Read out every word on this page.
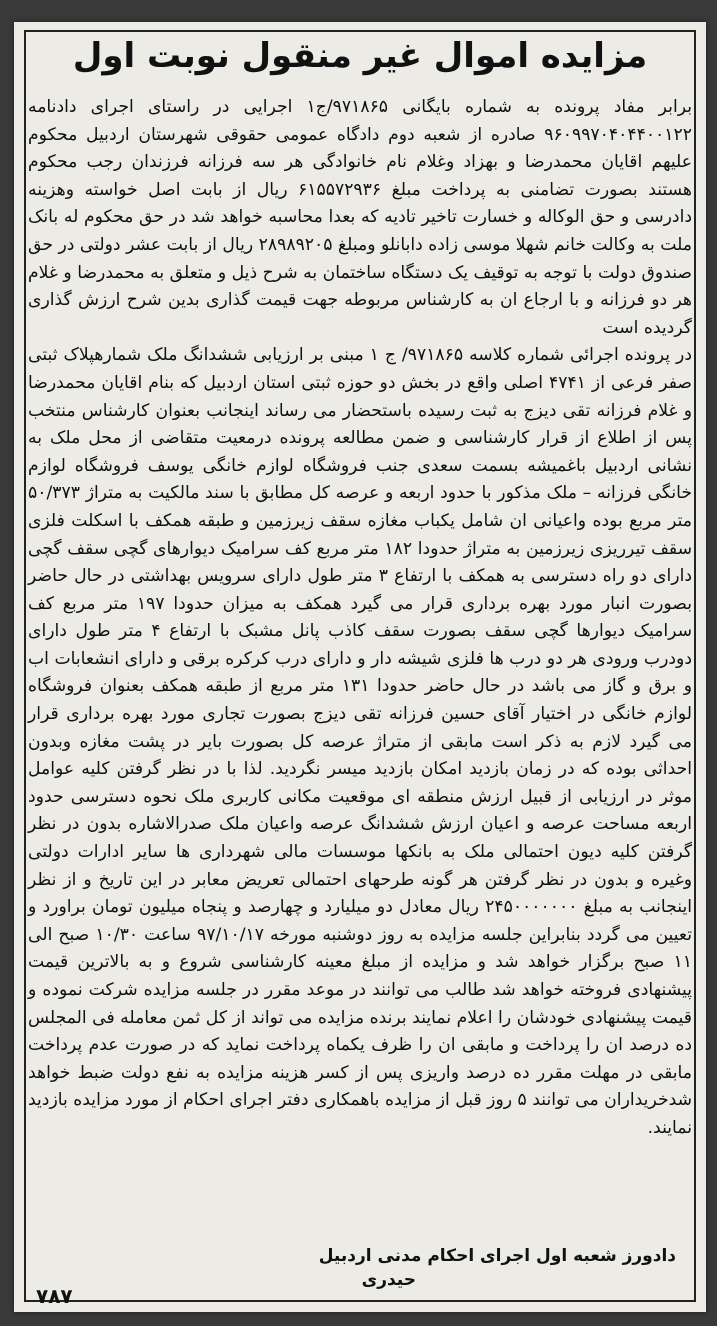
مزایده اموال غیر منقول نوبت اول

برابر مفاد پرونده به شماره بایگانی ۹۷۱۸۶۵/ج۱ اجرایی در راستای اجرای دادنامه ۹۶۰۹۹۷۰۴۰۴۴۰۰۱۲۲ صادره از شعبه دوم دادگاه عمومی حقوقی شهرستان اردبیل محکوم علیهم اقایان محمدرضا و بهزاد وغلام نام خانوادگی هر سه فرزانه فرزندان رجب محکوم هستند بصورت تضامنی به پرداخت مبلغ ۶۱۵۵۷۲۹۳۶ ریال از بابت اصل خواسته وهزینه دادرسی و حق الوکاله و خسارت تاخیر تادیه که بعدا محاسبه خواهد شد در حق محکوم له بانک ملت به وکالت خانم شهلا موسی زاده دابانلو ومبلغ ۲۸۹۸۹۲۰۵ ریال از بابت عشر دولتی در حق صندوق دولت با توجه به توقیف یک دستگاه ساختمان به شرح ذیل و متعلق به محمدرضا و غلام هر دو فرزانه و با ارجاع ان به کارشناس مربوطه جهت قیمت گذاری بدین شرح ارزش گذاری گردیده است

در پرونده اجرائی شماره کلاسه ۹۷۱۸۶۵/ ج ۱ مبنی بر ارزیابی ششدانگ ملک شمارهپلاک ثبتی صفر فرعی از ۴۷۴۱ اصلی واقع در بخش دو حوزه ثبتی استان اردبیل که بنام اقایان محمدرضا و غلام فرزانه تقی دیزج به ثبت رسیده باستحضار می رساند اینجانب بعنوان کارشناس منتخب پس از اطلاع از قرار کارشناسی و ضمن مطالعه پرونده درمعیت متقاضی از محل ملک به نشانی اردبیل باغمیشه بسمت سعدی جنب فروشگاه لوازم خانگی یوسف فروشگاه لوازم خانگی فرزانه – ملک مذکور با حدود اربعه و عرصه کل مطابق با سند مالکیت به متراژ ۵۰/۳۷۳ متر مربع بوده واعیانی ان شامل یکباب مغازه سقف زیرزمین و طبقه همکف با اسکلت فلزی سقف تیرریزی زیرزمین به متراژ حدودا ۱۸۲ متر مربع کف سرامیک دیوارهای گچی سقف گچی دارای دو راه دسترسی به همکف با ارتفاع ۳ متر طول دارای سرویس بهداشتی در حال حاضر بصورت انبار مورد بهره برداری قرار می گیرد همکف به میزان حدودا ۱۹۷ متر مربع کف سرامیک دیوارها گچی سقف بصورت سقف کاذب پانل مشبک با ارتفاع ۴ متر طول دارای دودرب ورودی هر دو درب ها فلزی شیشه دار و دارای درب کرکره برقی و دارای انشعابات اب و برق و گاز می باشد در حال حاضر حدودا ۱۳۱ متر مربع از طبقه همکف بعنوان فروشگاه لوازم خانگی در اختیار آقای حسین فرزانه تقی دیزج بصورت تجاری مورد بهره برداری قرار می گیرد لازم به ذکر است مابقی از متراژ عرصه کل بصورت بایر در پشت مغازه وبدون احداثی بوده که در زمان بازدید امکان بازدید میسر نگردید. لذا با در نظر گرفتن کلیه عوامل موثر در ارزیابی از قبیل ارزش منطقه ای موقعیت مکانی کاربری ملک نحوه دسترسی حدود اربعه مساحت عرصه و اعیان ارزش ششدانگ عرصه واعیان ملک صدرالاشاره بدون در نظر گرفتن کلیه دیون احتمالی ملک به بانکها موسسات مالی شهرداری ها سایر ادارات دولتی وغیره و بدون در نظر گرفتن هر گونه طرحهای احتمالی تعریض معابر در این تاریخ و از نظر اینجانب به مبلغ ۲۴۵۰۰۰۰۰۰۰ ریال معادل دو میلیارد و چهارصد و پنجاه میلیون تومان براورد و تعیین می گردد بنابراین جلسه مزایده به روز دوشنبه مورخه ۹۷/۱۰/۱۷ ساعت ۱۰/۳۰ صبح الی ۱۱ صبح برگزار خواهد شد و مزایده از مبلغ معینه کارشناسی شروع و به بالاترین قیمت پیشنهادی فروخته خواهد شد طالب می توانند در موعد مقرر در جلسه مزایده شرکت نموده و قیمت پیشنهادی خودشان را اعلام نمایند برنده مزایده می تواند از کل ثمن معامله فی المجلس ده درصد ان را پرداخت و مابقی ان را ظرف یکماه پرداخت نماید که در صورت عدم پرداخت مابقی در مهلت مقرر ده درصد واریزی پس از کسر هزینه مزایده به نفع دولت ضبط خواهد شدخریداران می توانند ۵ روز قبل از مزایده باهمکاری دفتر اجرای احکام از مورد مزایده بازدید نمایند.

دادورز شعبه اول اجرای احکام مدنی اردبیل
حیدری
۷۸۷
